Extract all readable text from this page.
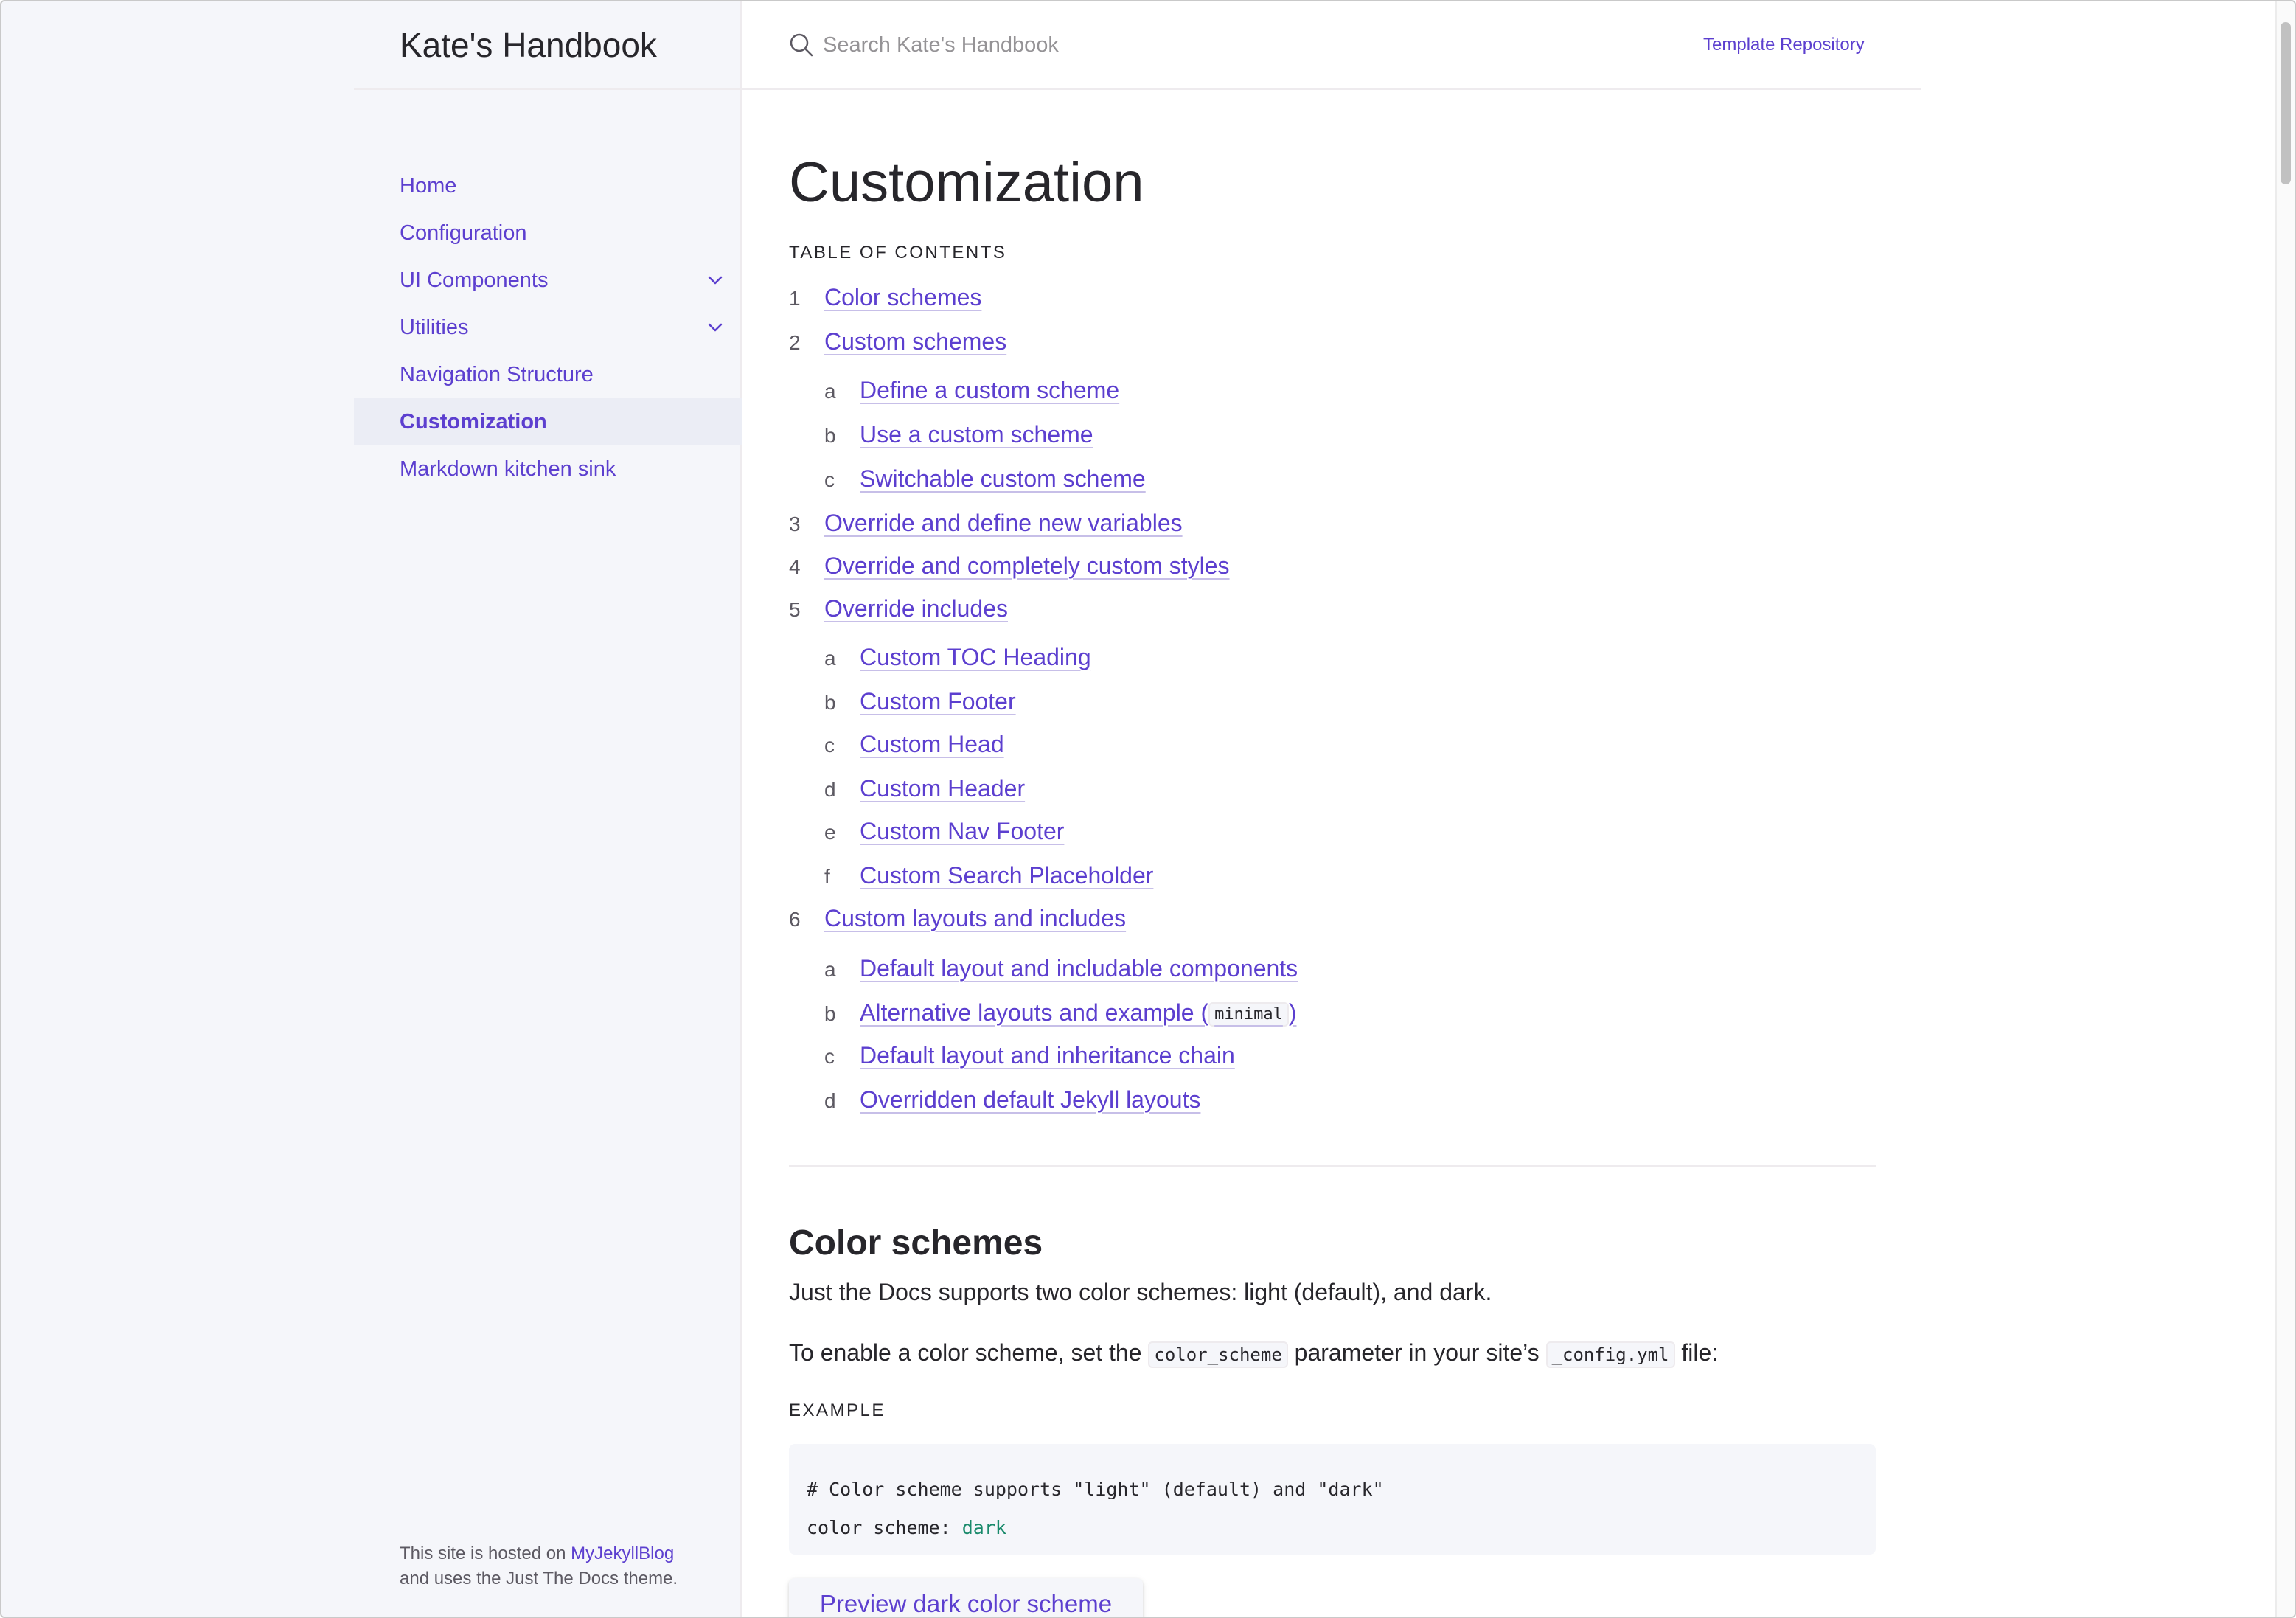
Kate's Handbook
Home
Configuration
UI Components
Utilities
Navigation Structure
Customization
Markdown kitchen sink
This site is hosted on MyJekyllBlog
and uses the Just The Docs theme.
Search Kate's Handbook
Template Repository
Customization
TABLE OF CONTENTS
1 Color schemes
2 Custom schemes
a Define a custom scheme
b Use a custom scheme
c Switchable custom scheme
3 Override and define new variables
4 Override and completely custom styles
5 Override includes
a Custom TOC Heading
b Custom Footer
c Custom Head
d Custom Header
e Custom Nav Footer
f Custom Search Placeholder
6 Custom layouts and includes
a Default layout and includable components
b Alternative layouts and example ( minimal )
c Default layout and inheritance chain
d Overridden default Jekyll layouts
Color schemes

Just the Docs supports two color schemes: light (default), and dark.

To enable a color scheme, set the color_scheme parameter in your site’s _config.yml file:

EXAMPLE
# Color scheme supports "light" (default) and "dark"
color_scheme: dark
Preview dark color scheme
